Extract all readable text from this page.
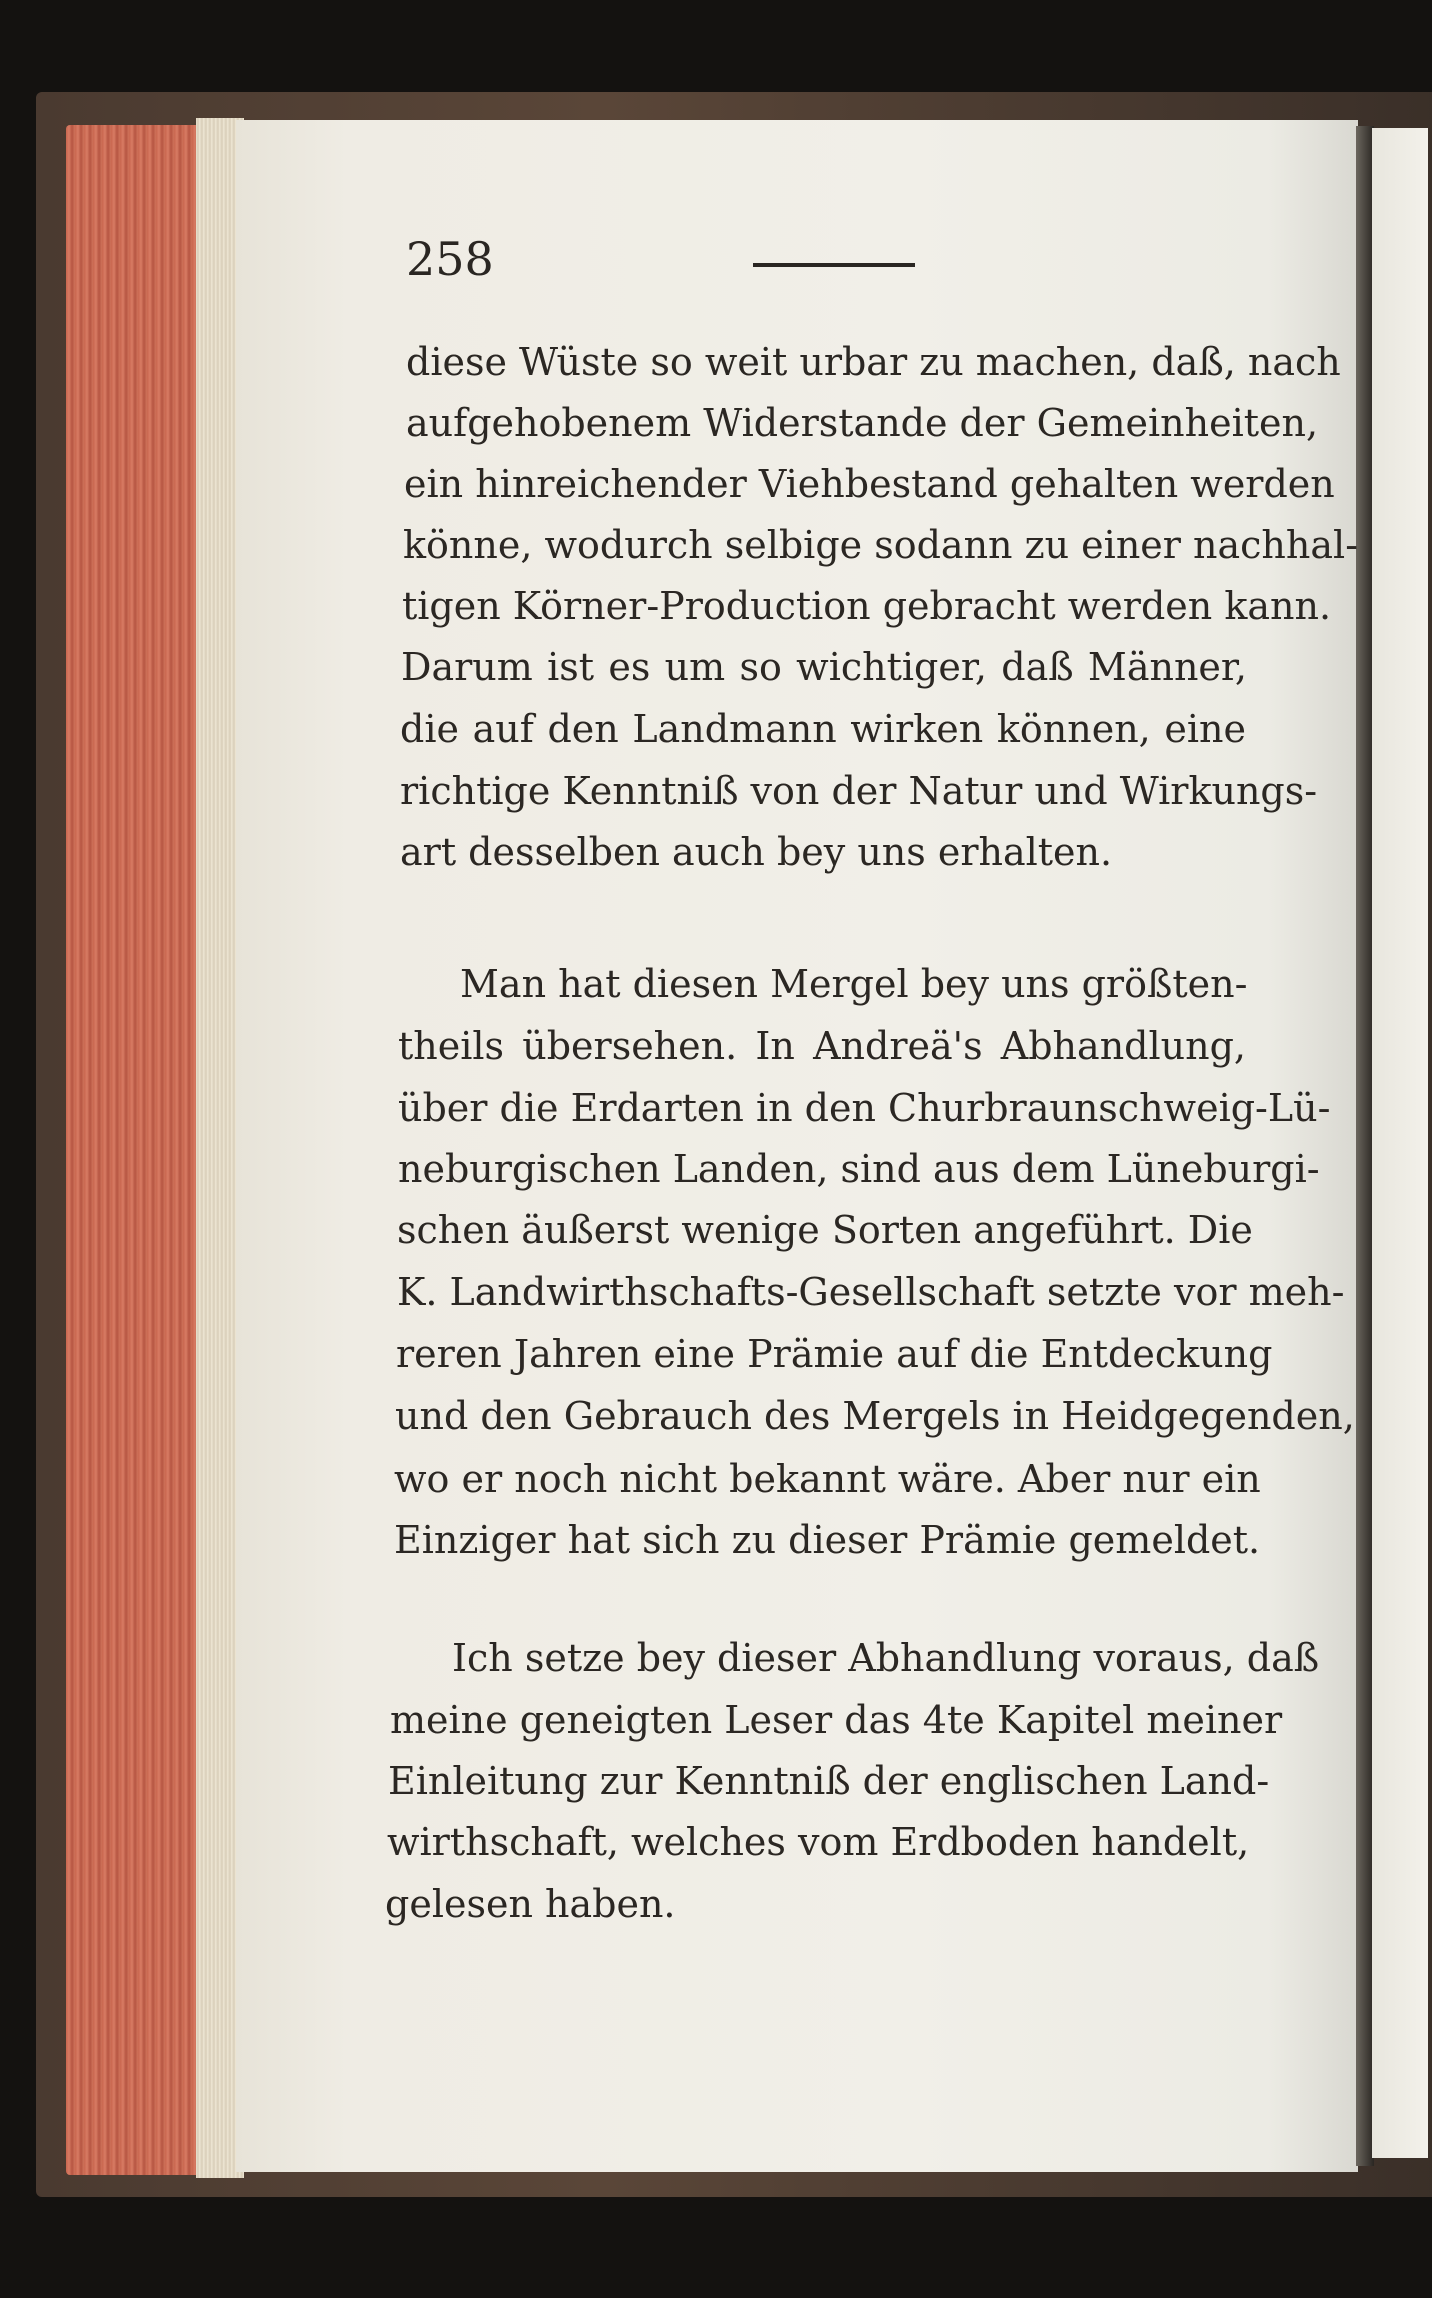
258
diese Wüste so weit urbar zu machen, daß, nach
aufgehobenem Widerstande der Gemeinheiten,
ein hinreichender Viehbestand gehalten werden
könne, wodurch selbige sodann zu einer nachhal-
tigen Körner-Production gebracht werden kann.
Darum ist es um so wichtiger, daß Männer,
die auf den Landmann wirken können, eine
richtige Kenntniß von der Natur und Wirkungs-
art desselben auch bey uns erhalten.
Man hat diesen Mergel bey uns größten-
theils übersehen. In Andreä's Abhandlung,
über die Erdarten in den Churbraunschweig-Lü-
neburgischen Landen, sind aus dem Lüneburgi-
schen äußerst wenige Sorten angeführt. Die
K. Landwirthschafts-Gesellschaft setzte vor meh-
reren Jahren eine Prämie auf die Entdeckung
und den Gebrauch des Mergels in Heidgegenden,
wo er noch nicht bekannt wäre. Aber nur ein
Einziger hat sich zu dieser Prämie gemeldet.
Ich setze bey dieser Abhandlung voraus, daß
meine geneigten Leser das 4te Kapitel meiner
Einleitung zur Kenntniß der englischen Land-
wirthschaft, welches vom Erdboden handelt,
gelesen haben.
